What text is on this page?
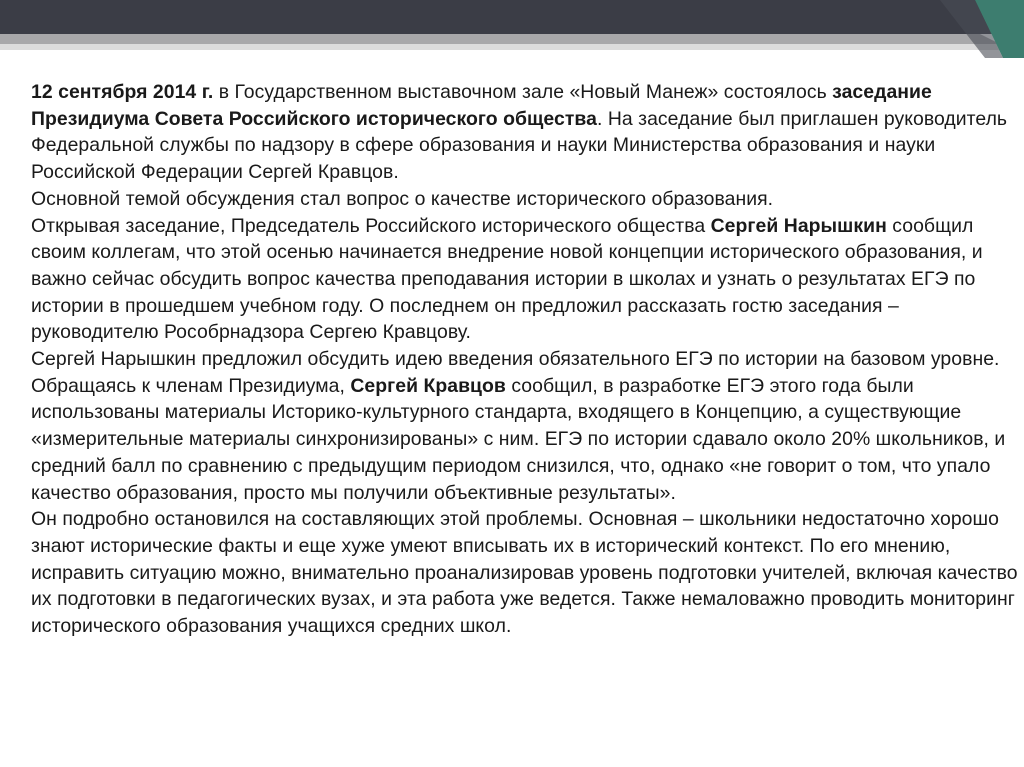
12 сентября 2014 г. в Государственном выставочном зале «Новый Манеж» состоялось заседание Президиума Совета Российского исторического общества. На заседание был приглашен руководитель Федеральной службы по надзору в сфере образования и науки Министерства образования и науки Российской Федерации Сергей Кравцов.

Основной темой обсуждения стал вопрос о качестве исторического образования.

Открывая заседание, Председатель Российского исторического общества Сергей Нарышкин сообщил своим коллегам, что этой осенью начинается внедрение новой концепции исторического образования, и важно сейчас обсудить вопрос качества преподавания истории в школах и узнать о результатах ЕГЭ по истории в прошедшем учебном году. О последнем он предложил рассказать гостю заседания – руководителю Рособрнадзора Сергею Кравцову.

Сергей Нарышкин предложил обсудить идею введения обязательного ЕГЭ по истории на базовом уровне.

Обращаясь к членам Президиума, Сергей Кравцов сообщил, в разработке ЕГЭ этого года были использованы материалы Историко-культурного стандарта, входящего в Концепцию, а существующие «измерительные материалы синхронизированы» с ним. ЕГЭ по истории сдавало около 20% школьников, и средний балл по сравнению с предыдущим периодом снизился, что, однако «не говорит о том, что упало качество образования, просто мы получили объективные результаты».

Он подробно остановился на составляющих этой проблемы. Основная – школьники недостаточно хорошо знают исторические факты и еще хуже умеют вписывать их в исторический контекст. По его мнению, исправить ситуацию можно, внимательно проанализировав уровень подготовки учителей, включая качество их подготовки в педагогических вузах, и эта работа уже ведется. Также немаловажно проводить мониторинг исторического образования учащихся средних школ.
